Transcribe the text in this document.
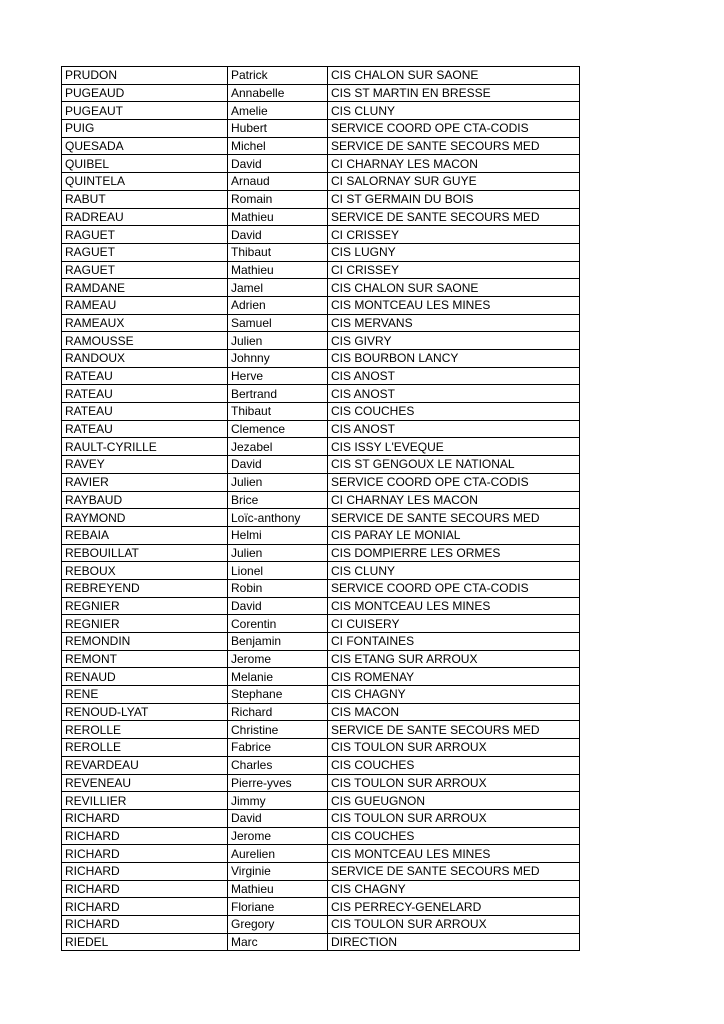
PRUDON	Patrick	CIS CHALON SUR SAONE
PUGEAUD	Annabelle	CIS ST MARTIN EN BRESSE
PUGEAUT	Amelie	CIS CLUNY
PUIG	Hubert	SERVICE COORD OPE CTA-CODIS
QUESADA	Michel	SERVICE DE SANTE SECOURS MED
QUIBEL	David	CI CHARNAY LES MACON
QUINTELA	Arnaud	CI SALORNAY SUR GUYE
RABUT	Romain	CI ST GERMAIN DU BOIS
RADREAU	Mathieu	SERVICE DE SANTE SECOURS MED
RAGUET	David	CI CRISSEY
RAGUET	Thibaut	CIS LUGNY
RAGUET	Mathieu	CI CRISSEY
RAMDANE	Jamel	CIS CHALON SUR SAONE
RAMEAU	Adrien	CIS MONTCEAU LES MINES
RAMEAUX	Samuel	CIS MERVANS
RAMOUSSE	Julien	CIS GIVRY
RANDOUX	Johnny	CIS BOURBON LANCY
RATEAU	Herve	CIS ANOST
RATEAU	Bertrand	CIS ANOST
RATEAU	Thibaut	CIS COUCHES
RATEAU	Clemence	CIS ANOST
RAULT-CYRILLE	Jezabel	CIS ISSY L'EVEQUE
RAVEY	David	CIS ST GENGOUX LE NATIONAL
RAVIER	Julien	SERVICE COORD OPE CTA-CODIS
RAYBAUD	Brice	CI CHARNAY LES MACON
RAYMOND	Loïc-anthony	SERVICE DE SANTE SECOURS MED
REBAIA	Helmi	CIS PARAY LE MONIAL
REBOUILLAT	Julien	CIS DOMPIERRE LES ORMES
REBOUX	Lionel	CIS CLUNY
REBREYEND	Robin	SERVICE COORD OPE CTA-CODIS
REGNIER	David	CIS MONTCEAU LES MINES
REGNIER	Corentin	CI CUISERY
REMONDIN	Benjamin	CI FONTAINES
REMONT	Jerome	CIS ETANG SUR ARROUX
RENAUD	Melanie	CIS ROMENAY
RENE	Stephane	CIS CHAGNY
RENOUD-LYAT	Richard	CIS MACON
REROLLE	Christine	SERVICE DE SANTE SECOURS MED
REROLLE	Fabrice	CIS TOULON SUR ARROUX
REVARDEAU	Charles	CIS COUCHES
REVENEAU	Pierre-yves	CIS TOULON SUR ARROUX
REVILLIER	Jimmy	CIS GUEUGNON
RICHARD	David	CIS TOULON SUR ARROUX
RICHARD	Jerome	CIS COUCHES
RICHARD	Aurelien	CIS MONTCEAU LES MINES
RICHARD	Virginie	SERVICE DE SANTE SECOURS MED
RICHARD	Mathieu	CIS CHAGNY
RICHARD	Floriane	CIS PERRECY-GENELARD
RICHARD	Gregory	CIS TOULON SUR ARROUX
RIEDEL	Marc	DIRECTION
